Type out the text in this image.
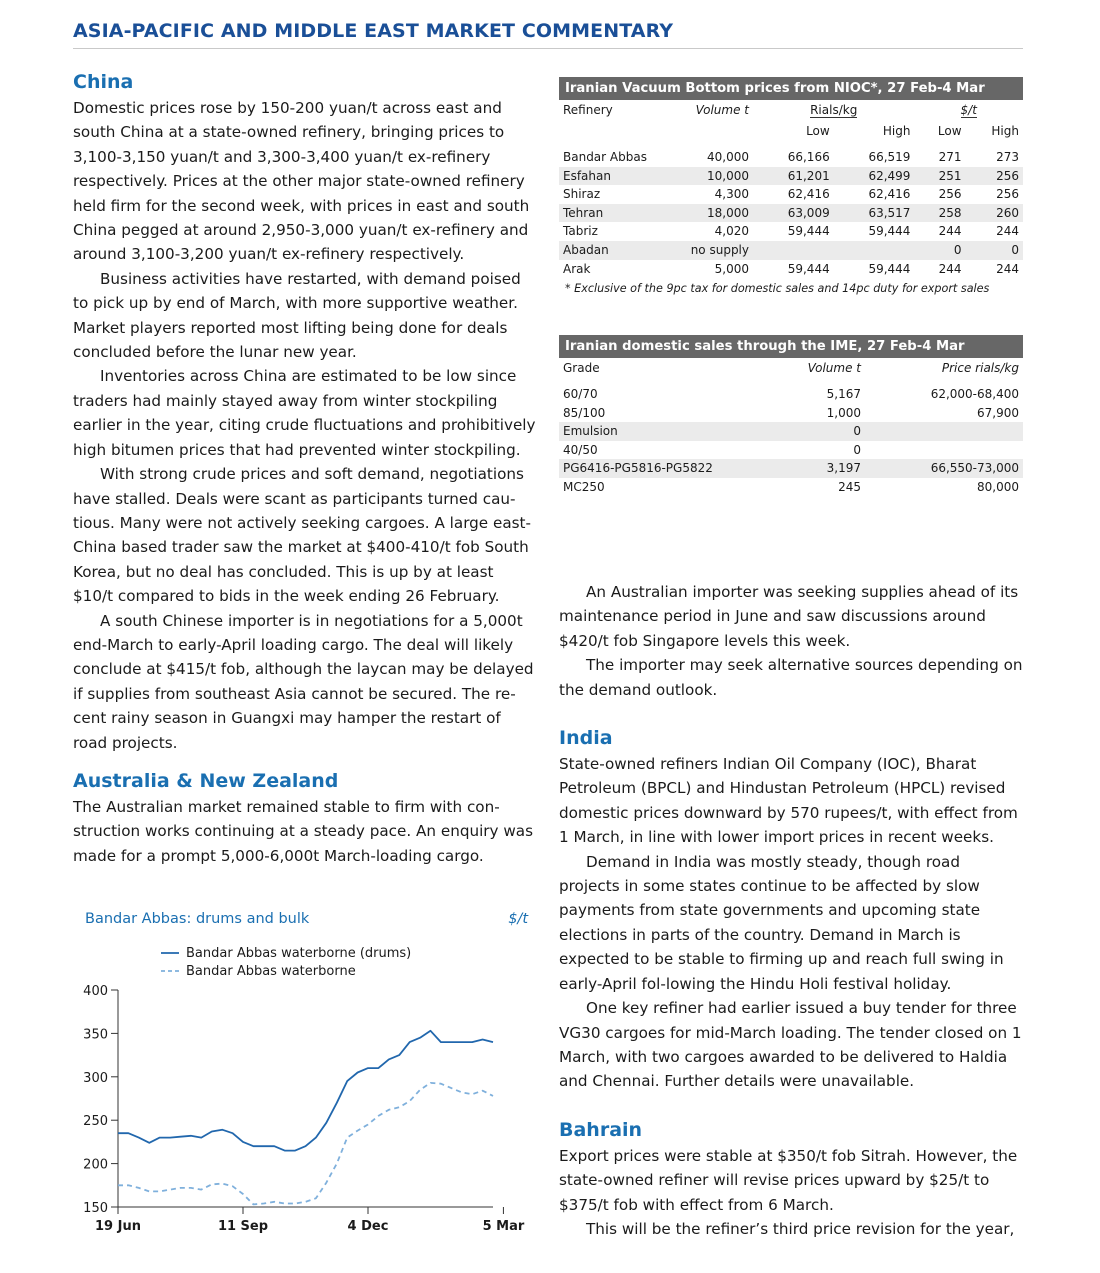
ASIA-PACIFIC AND MIDDLE EAST MARKET COMMENTARY
China

Domestic prices rose by 150-200 yuan/t across east and south China at a state-owned refinery, bringing prices to 3,100-3,150 yuan/t and 3,300-3,400 yuan/t ex-refinery respectively. Prices at the other major state-owned refinery held firm for the second week, with prices in east and south China pegged at around 2,950-3,000 yuan/t ex-refinery and around 3,100-3,200 yuan/t ex-refinery respectively.

Business activities have restarted, with demand poised to pick up by end of March, with more supportive weather. Market players reported most lifting being done for deals concluded before the lunar new year.

Inventories across China are estimated to be low since traders had mainly stayed away from winter stockpiling earlier in the year, citing crude fluctuations and prohibitively high bitumen prices that had prevented winter stockpiling.

With strong crude prices and soft demand, negotiations have stalled. Deals were scant as participants turned cau-tious. Many were not actively seeking cargoes. A large east-China based trader saw the market at $400-410/t fob South Korea, but no deal has concluded. This is up by at least $10/t compared to bids in the week ending 26 February.

A south Chinese importer is in negotiations for a 5,000t end-March to early-April loading cargo. The deal will likely conclude at $415/t fob, although the laycan may be delayed if supplies from southeast Asia cannot be secured. The re-cent rainy season in Guangxi may hamper the restart of road projects.

Australia & New Zealand

The Australian market remained stable to firm with con-struction works continuing at a steady pace. An enquiry was made for a prompt 5,000-6,000t March-loading cargo.

Iranian Vacuum Bottom prices from NIOC*, 27 Feb-4 Mar
Refinery	Volume t	Rials/kg		$/t	
		Low	High	Low	High

Bandar Abbas	40,000	66,166	66,519	271	273
Esfahan	10,000	61,201	62,499	251	256
Shiraz	4,300	62,416	62,416	256	256
Tehran	18,000	63,009	63,517	258	260
Tabriz	4,020	59,444	59,444	244	244
Abadan	no supply			0	0
Arak	5,000	59,444	59,444	244	244
* Exclusive of the 9pc tax for domestic sales and 14pc duty for export sales
Iranian domestic sales through the IME, 27 Feb-4 Mar
Grade	Volume t	Price rials/kg

60/70	5,167	62,000-68,400
85/100	1,000	67,900
Emulsion	0	
40/50	0	
PG6416-PG5816-PG5822	3,197	66,550-73,000
MC250	245	80,000

An Australian importer was seeking supplies ahead of its maintenance period in June and saw discussions around $420/t fob Singapore levels this week.

The importer may seek alternative sources depending on the demand outlook.

India

State-owned refiners Indian Oil Company (IOC), Bharat Petroleum (BPCL) and Hindustan Petroleum (HPCL) revised domestic prices downward by 570 rupees/t, with effect from 1 March, in line with lower import prices in recent weeks.

Demand in India was mostly steady, though road projects in some states continue to be affected by slow payments from state governments and upcoming state elections in parts of the country. Demand in March is expected to be stable to firming up and reach full swing in early-April fol-lowing the Hindu Holi festival holiday.

One key refiner had earlier issued a buy tender for three VG30 cargoes for mid-March loading. The tender closed on 1 March, with two cargoes awarded to be delivered to Haldia and Chennai. Further details were unavailable.

Bahrain

Export prices were stable at $350/t fob Sitrah. However, the state-owned refiner will revise prices upward by $25/t to $375/t fob with effect from 6 March.

This will be the refiner’s third price revision for the year,

Bandar Abbas: drums and bulk	$/t
Bandar Abbas waterborne (drums)
Bandar Abbas waterborne
150
200
250
300
350
400
19 Jun	11 Sep	4 Dec	5 Mar
